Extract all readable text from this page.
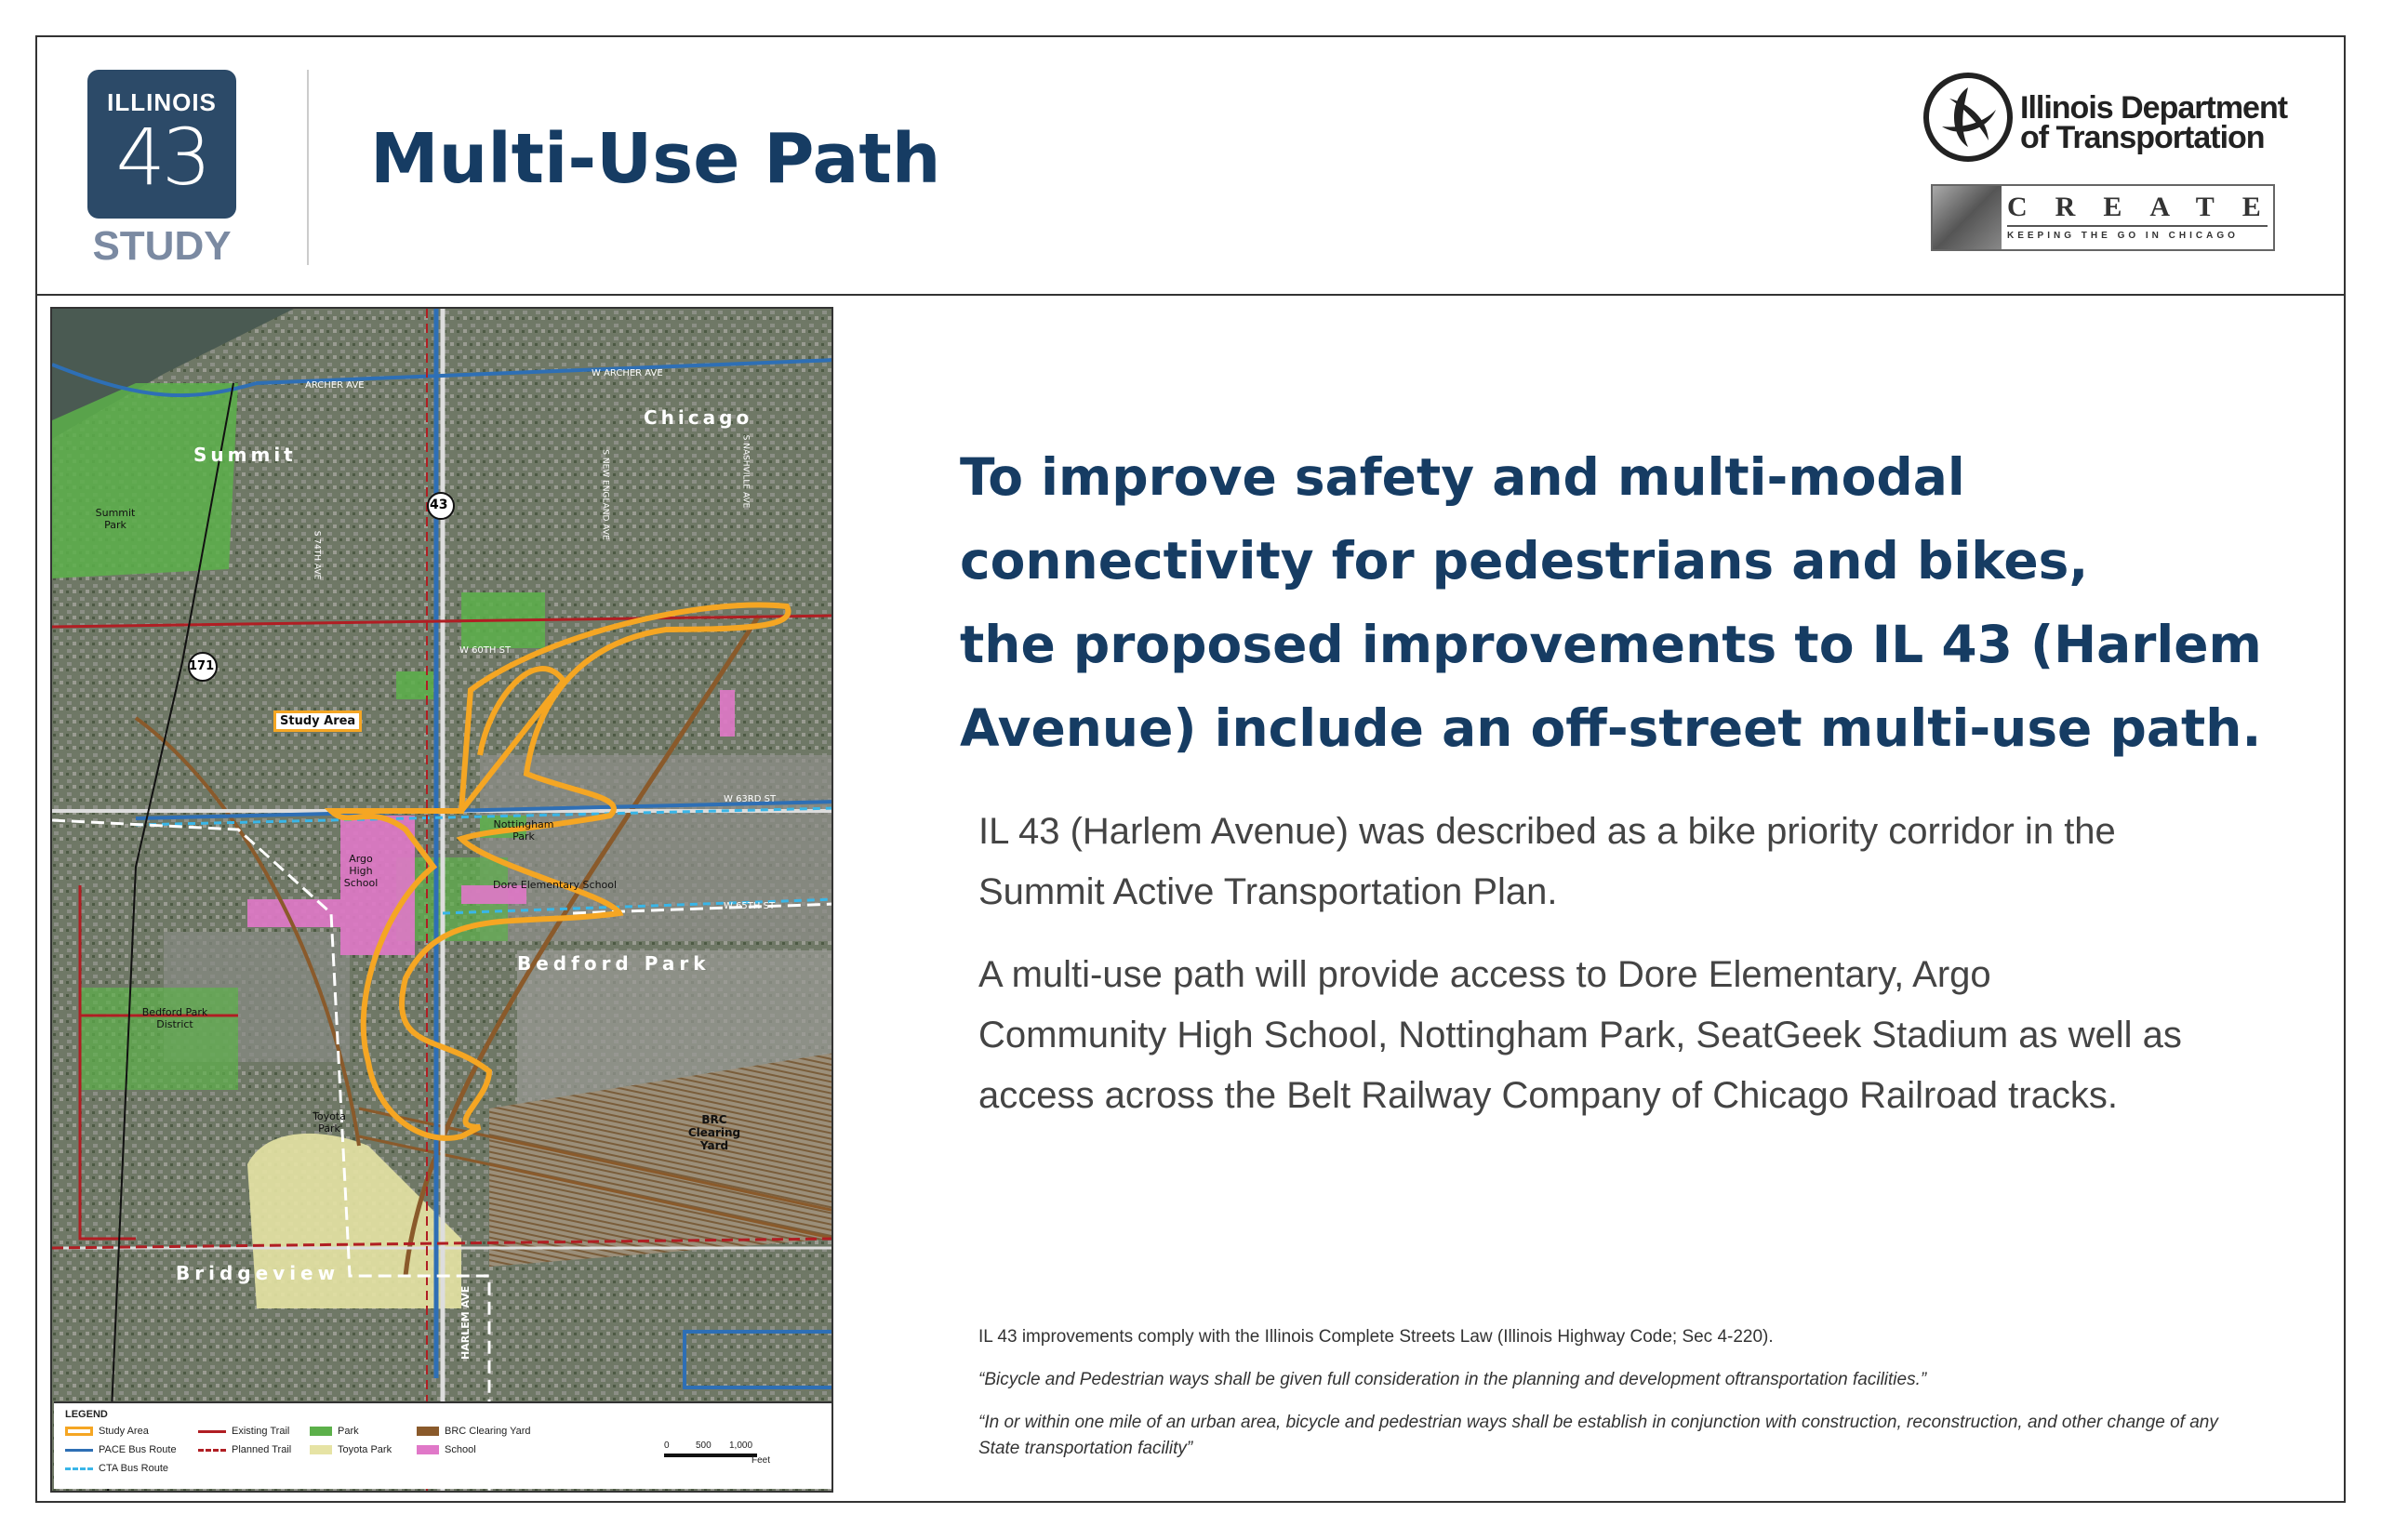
ILLINOIS
43
STUDY
Multi-Use Path
Illinois Department
of Transportation
CREATE
KEEPING THE GO IN CHICAGO
43
171
Summit
Chicago
Bedford Park
Bridgeview
Summit Park
Argo High School
Nottingham Park
Dore Elementary School
Bedford Park District
Toyota Park
BRC Clearing Yard
Study Area
W ARCHER AVE
ARCHER AVE
W 60TH ST
W 63RD ST
W 65TH ST
S 74TH AVE
S NEW ENGLAND AVE	S NASHVILLE AVE
HARLEM AVE
LEGEND
Study Area
PACE Bus Route
CTA Bus Route
Existing Trail
Planned Trail
Park
Toyota Park
BRC Clearing Yard
School	0	500 1,000
Feet
To improve safety and multi-modal
connectivity for pedestrians and bikes,
the proposed improvements to IL 43 (Harlem
Avenue) include an off-street multi-use path.

IL 43 (Harlem Avenue) was described as a bike priority corridor in the Summit Active Transportation Plan.

A multi-use path will provide access to Dore Elementary, Argo Community High School, Nottingham Park, SeatGeek Stadium as well as access across the Belt Railway Company of Chicago Railroad tracks.

IL 43 improvements comply with the Illinois Complete Streets Law (Illinois Highway Code; Sec 4-220).

“Bicycle and Pedestrian ways shall be given full consideration in the planning and development oftransportation facilities.”

“In or within one mile of an urban area, bicycle and pedestrian ways shall be establish in conjunction with construction, reconstruction, and other change of any State transportation facility”
